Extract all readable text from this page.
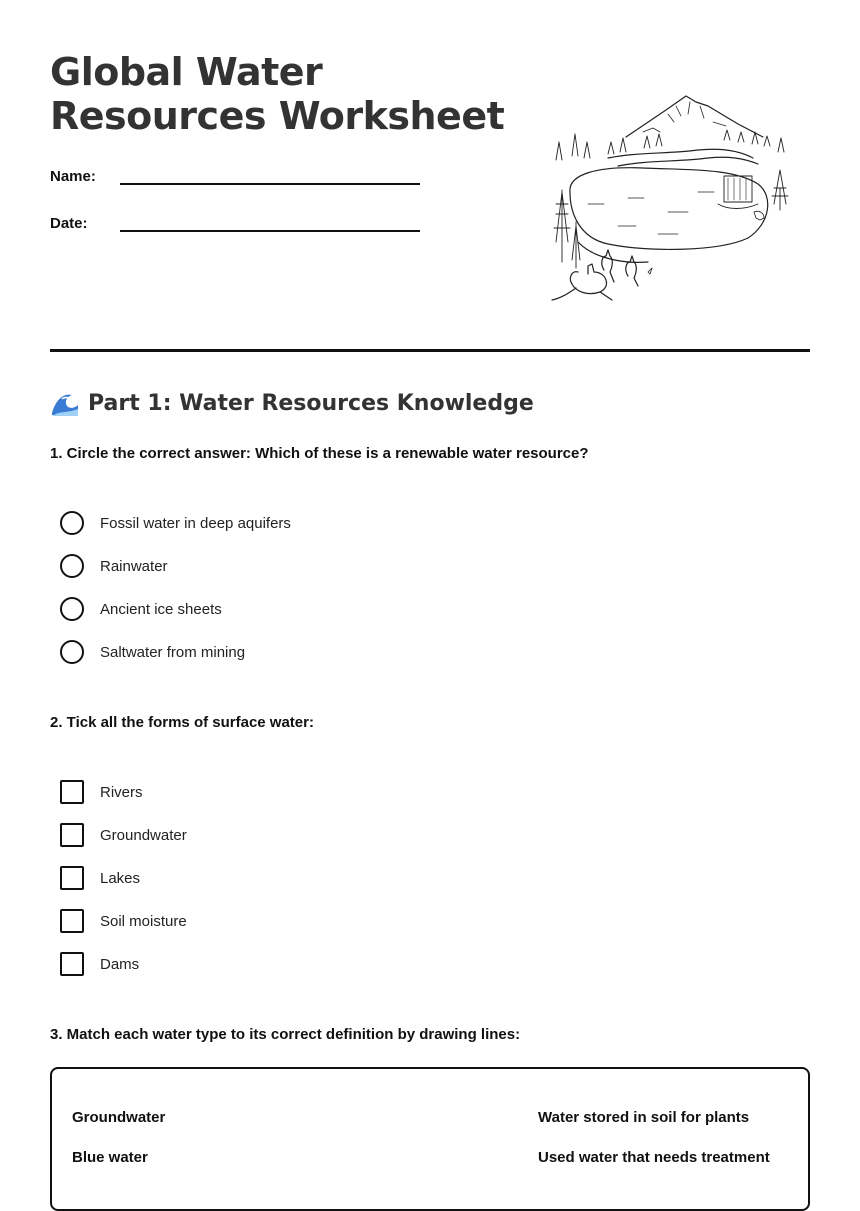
Global Water Resources Worksheet
Name:
Date:
Part 1: Water Resources Knowledge

1. Circle the correct answer: Which of these is a renewable water resource?

Fossil water in deep aquifers
Rainwater
Ancient ice sheets
Saltwater from mining

2. Tick all the forms of surface water:

Rivers
Groundwater
Lakes
Soil moisture
Dams

3. Match each water type to its correct definition by drawing lines:

Groundwater	Water stored in soil for plants
Blue water	Used water that needs treatment
